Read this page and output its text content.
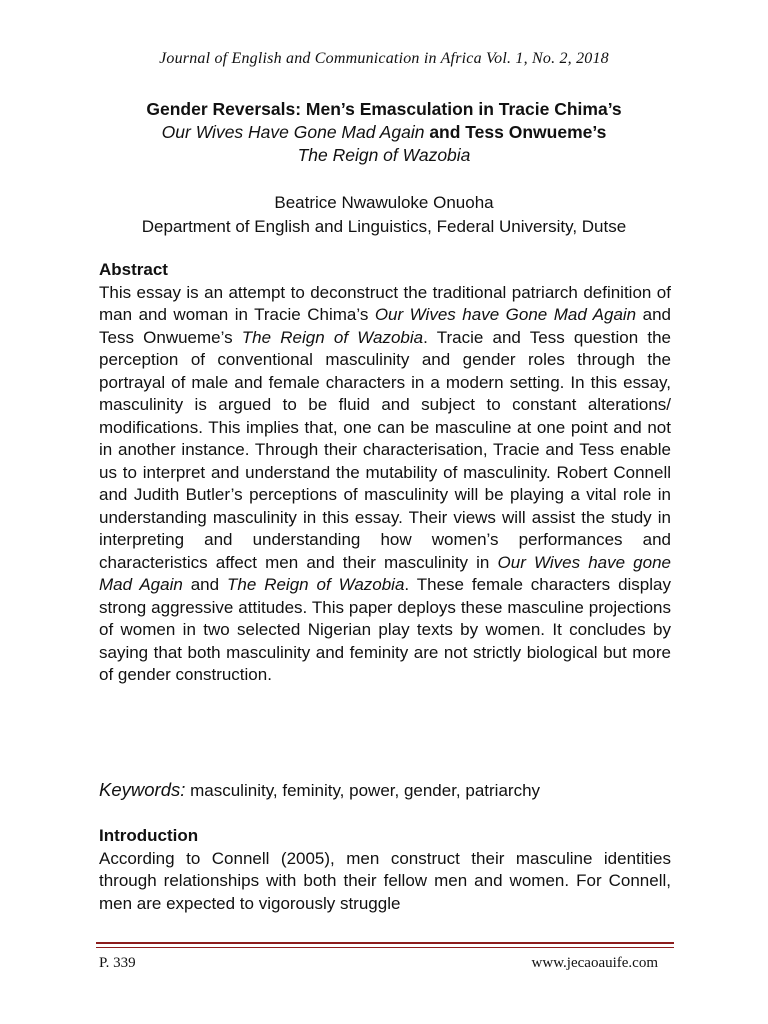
Journal of English and Communication in Africa Vol. 1, No. 2, 2018
Gender Reversals: Men’s Emasculation in Tracie Chima’s
Our Wives Have Gone Mad Again and Tess Onwueme’s
The Reign of Wazobia
Beatrice Nwawuloke Onuoha
Department of English and Linguistics, Federal University, Dutse
Abstract
This essay is an attempt to deconstruct the traditional patriarch definition of man and woman in Tracie Chima’s Our Wives have Gone Mad Again and Tess Onwueme’s The Reign of Wazobia. Tracie and Tess question the perception of conventional masculinity and gender roles through the portrayal of male and female characters in a modern setting. In this essay, masculinity is argued to be fluid and subject to constant alterations/ modifications. This implies that, one can be masculine at one point and not in another instance. Through their characterisation, Tracie and Tess enable us to interpret and understand the mutability of masculinity. Robert Connell and Judith Butler’s perceptions of masculinity will be playing a vital role in understanding masculinity in this essay. Their views will assist the study in interpreting and understanding how women’s performances and characteristics affect men and their masculinity in Our Wives have gone Mad Again and The Reign of Wazobia. These female characters display strong aggressive attitudes. This paper deploys these masculine projections of women in two selected Nigerian play texts by women. It concludes by saying that both masculinity and feminity are not strictly biological but more of gender construction.
Keywords: masculinity, feminity, power, gender, patriarchy
Introduction
According to Connell (2005), men construct their masculine identities through relationships with both their fellow men and women. For Connell, men are expected to vigorously struggle
P. 339	www.jecaoauife.com
